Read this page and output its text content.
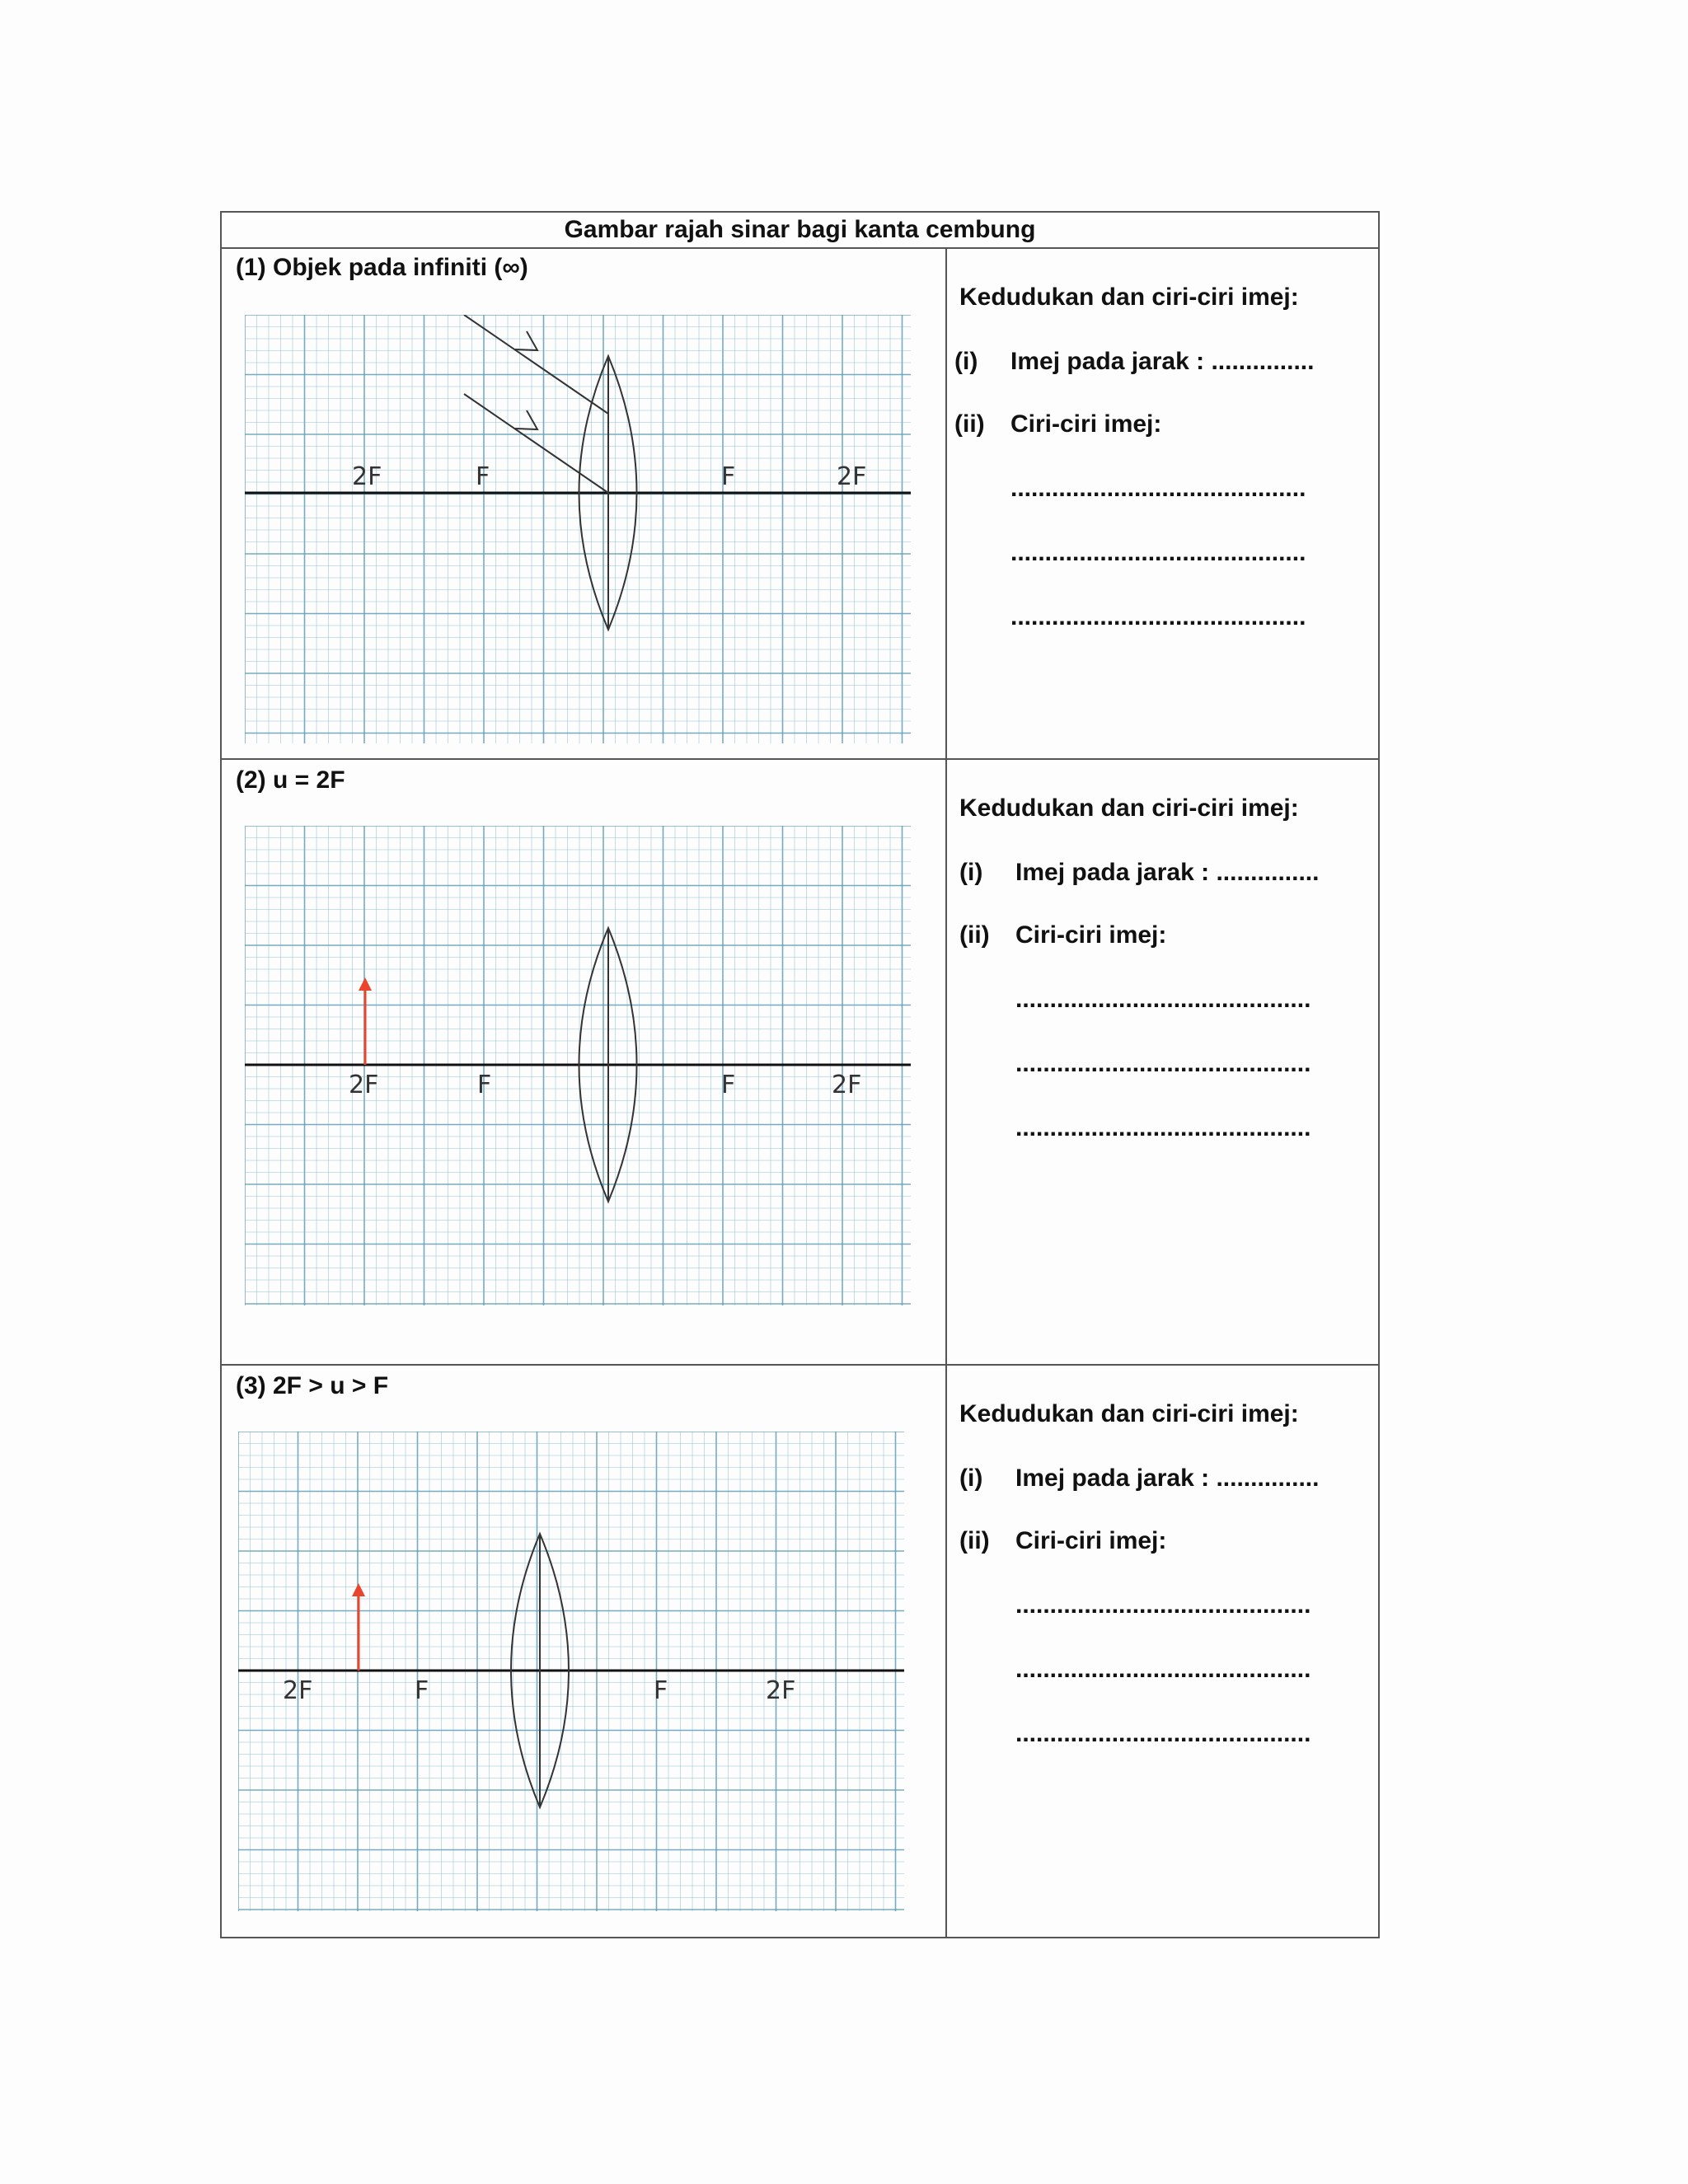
Gambar rajah sinar bagi kanta cembung
(1) Objek pada infiniti (∞)
2F	F	F	2F
Kedudukan dan ciri-ciri imej:
(i) Imej pada jarak : ...............
(ii) Ciri-ciri imej:
...........................................
...........................................
...........................................
(2) u = 2F
2F	F	F	2F
Kedudukan dan ciri-ciri imej:
(i) Imej pada jarak : ...............
(ii) Ciri-ciri imej:
...........................................
...........................................
...........................................
(3) 2F > u > F
2F	F	F	2F
Kedudukan dan ciri-ciri imej:
(i) Imej pada jarak : ...............
(ii) Ciri-ciri imej:
...........................................
...........................................
...........................................
